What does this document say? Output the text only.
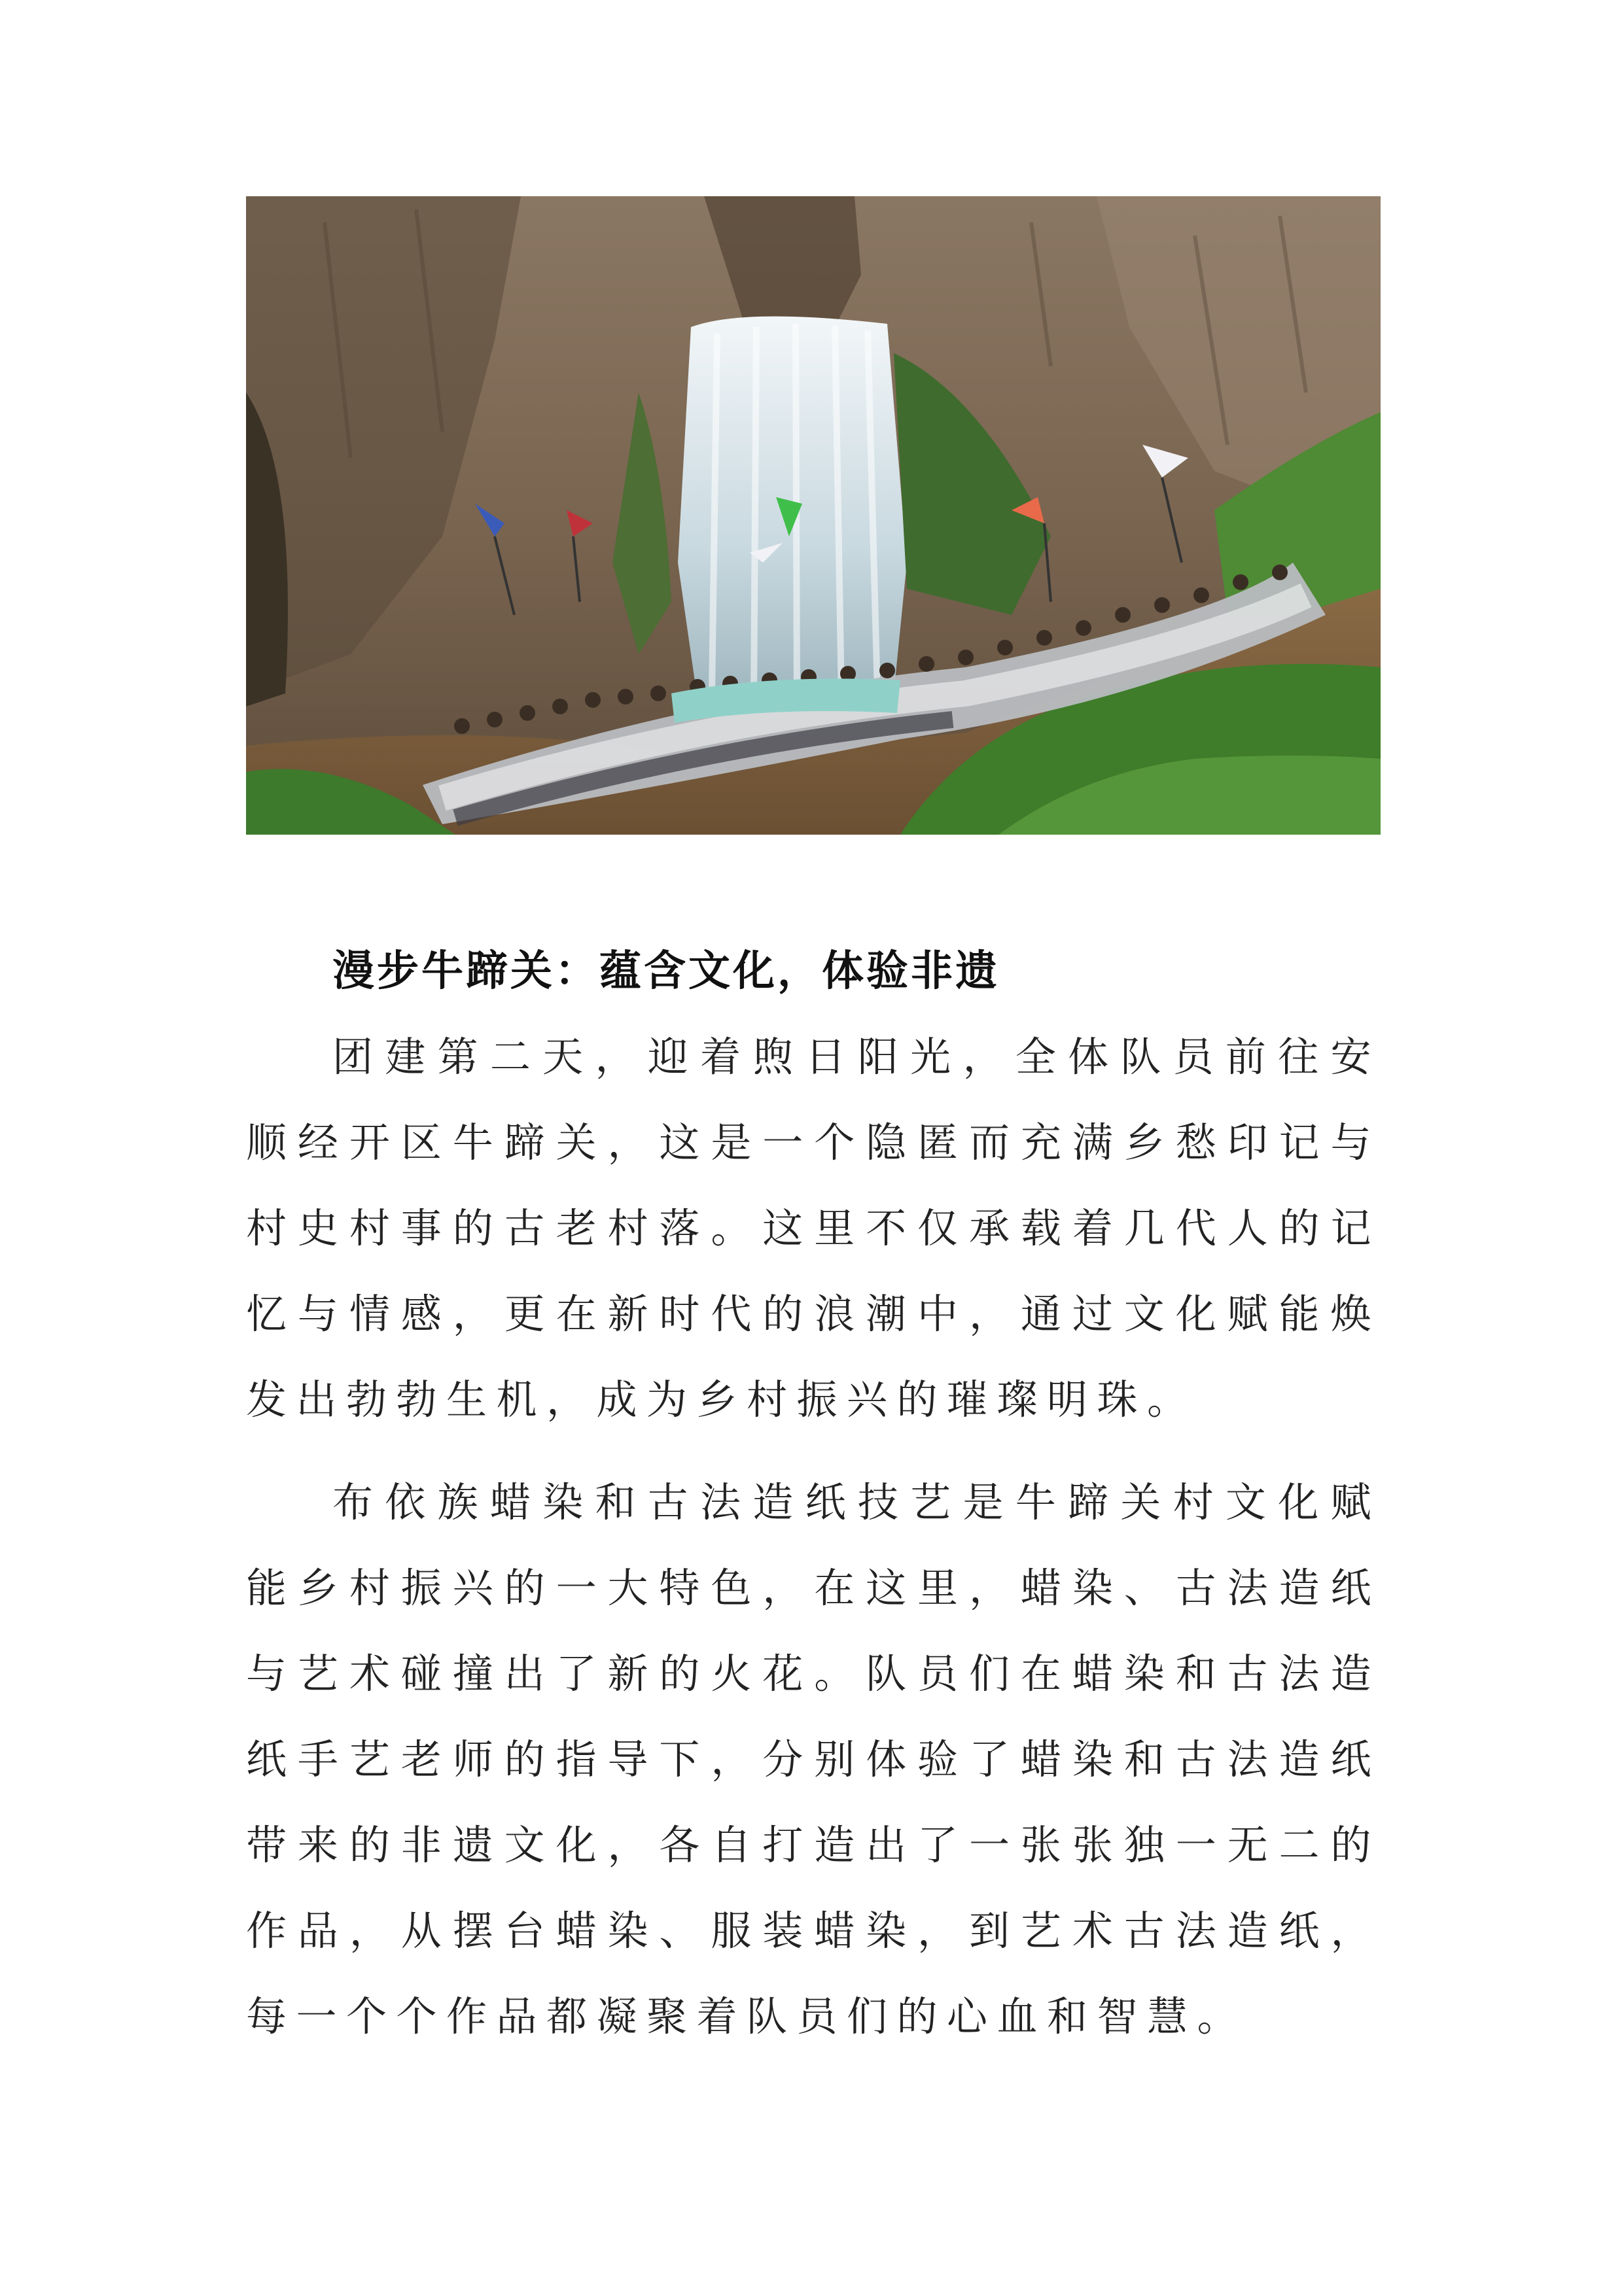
漫步牛蹄关：蕴含文化，体验非遗

团建第二天，迎着煦日阳光，全体队员前往安顺经开区牛蹄关，这是一个隐匿而充满乡愁印记与村史村事的古老村落。这里不仅承载着几代人的记忆与情感，更在新时代的浪潮中，通过文化赋能焕发出勃勃生机，成为乡村振兴的璀璨明珠。

布依族蜡染和古法造纸技艺是牛蹄关村文化赋能乡村振兴的一大特色，在这里，蜡染、古法造纸与艺术碰撞出了新的火花。队员们在蜡染和古法造纸手艺老师的指导下，分别体验了蜡染和古法造纸带来的非遗文化，各自打造出了一张张独一无二的作品，从摆台蜡染、服装蜡染，到艺术古法造纸，每一个个作品都凝聚着队员们的心血和智慧。
